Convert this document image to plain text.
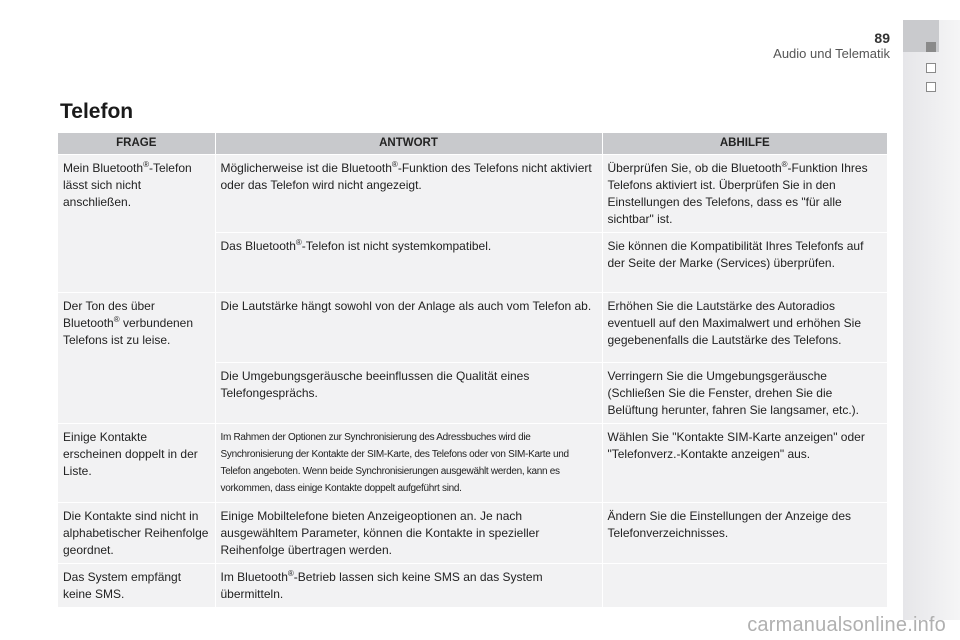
89
Audio und Telematik
Telefon
FRAGE	ANTWORT	ABHILFE
Mein Bluetooth®-Telefon lässt sich nicht anschließen.	Möglicherweise ist die Bluetooth®-Funktion des Telefons nicht aktiviert oder das Telefon wird nicht angezeigt.	Überprüfen Sie, ob die Bluetooth®-Funktion Ihres Telefons aktiviert ist. Überprüfen Sie in den Einstellungen des Telefons, dass es "für alle sichtbar" ist.
	Das Bluetooth®-Telefon ist nicht systemkompatibel.	Sie können die Kompatibilität Ihres Telefonfs auf der Seite der Marke (Services) überprüfen.
Der Ton des über Bluetooth® verbundenen Telefons ist zu leise.	Die Lautstärke hängt sowohl von der Anlage als auch vom Telefon ab.	Erhöhen Sie die Lautstärke des Autoradios eventuell auf den Maximalwert und erhöhen Sie gegebenenfalls die Lautstärke des Telefons.
	Die Umgebungsgeräusche beeinflussen die Qualität eines Telefongesprächs.	Verringern Sie die Umgebungsgeräusche (Schließen Sie die Fenster, drehen Sie die Belüftung herunter, fahren Sie langsamer, etc.).
Einige Kontakte erscheinen doppelt in der Liste.	Im Rahmen der Optionen zur Synchronisierung des Adressbuches wird die Synchronisierung der Kontakte der SIM-Karte, des Telefons oder von SIM-Karte und Telefon angeboten. Wenn beide Synchronisierungen ausgewählt werden, kann es vorkommen, dass einige Kontakte doppelt aufgeführt sind.	Wählen Sie "Kontakte SIM-Karte anzeigen" oder "Telefonverz.-Kontakte anzeigen" aus.
Die Kontakte sind nicht in alphabetischer Reihenfolge geordnet.	Einige Mobiltelefone bieten Anzeigeoptionen an. Je nach ausgewähltem Parameter, können die Kontakte in spezieller Reihenfolge übertragen werden.	Ändern Sie die Einstellungen der Anzeige des Telefonverzeichnisses.
Das System empfängt keine SMS.	Im Bluetooth®-Betrieb lassen sich keine SMS an das System übermitteln.	
carmanualsonline.info
